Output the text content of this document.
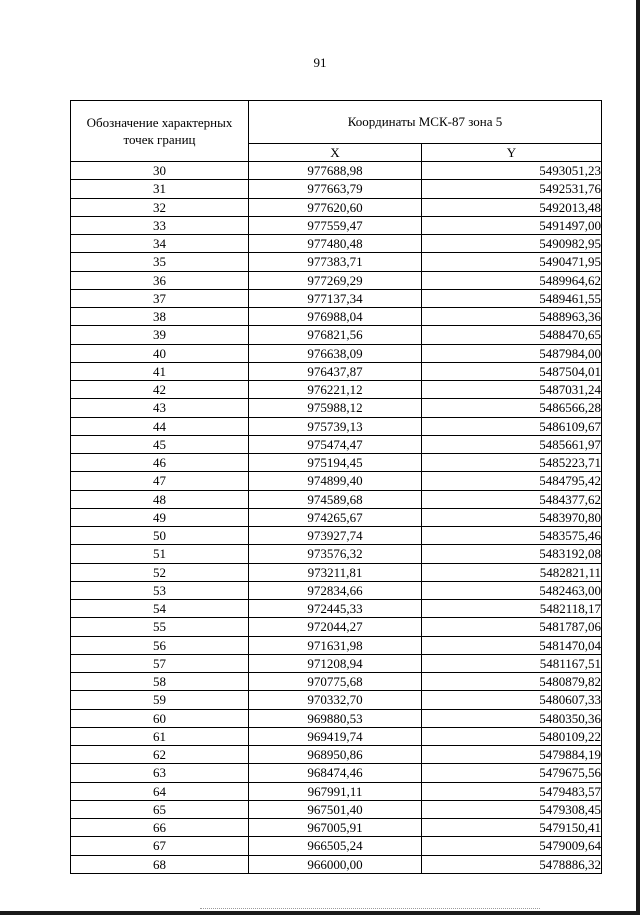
91
Обозначение характерных точек границ	Координаты МСК-87 зона 5	
	X	Y
30	977688,98	5493051,23
31	977663,79	5492531,76
32	977620,60	5492013,48
33	977559,47	5491497,00
34	977480,48	5490982,95
35	977383,71	5490471,95
36	977269,29	5489964,62
37	977137,34	5489461,55
38	976988,04	5488963,36
39	976821,56	5488470,65
40	976638,09	5487984,00
41	976437,87	5487504,01
42	976221,12	5487031,24
43	975988,12	5486566,28
44	975739,13	5486109,67
45	975474,47	5485661,97
46	975194,45	5485223,71
47	974899,40	5484795,42
48	974589,68	5484377,62
49	974265,67	5483970,80
50	973927,74	5483575,46
51	973576,32	5483192,08
52	973211,81	5482821,11
53	972834,66	5482463,00
54	972445,33	5482118,17
55	972044,27	5481787,06
56	971631,98	5481470,04
57	971208,94	5481167,51
58	970775,68	5480879,82
59	970332,70	5480607,33
60	969880,53	5480350,36
61	969419,74	5480109,22
62	968950,86	5479884,19
63	968474,46	5479675,56
64	967991,11	5479483,57
65	967501,40	5479308,45
66	967005,91	5479150,41
67	966505,24	5479009,64
68	966000,00	5478886,32
